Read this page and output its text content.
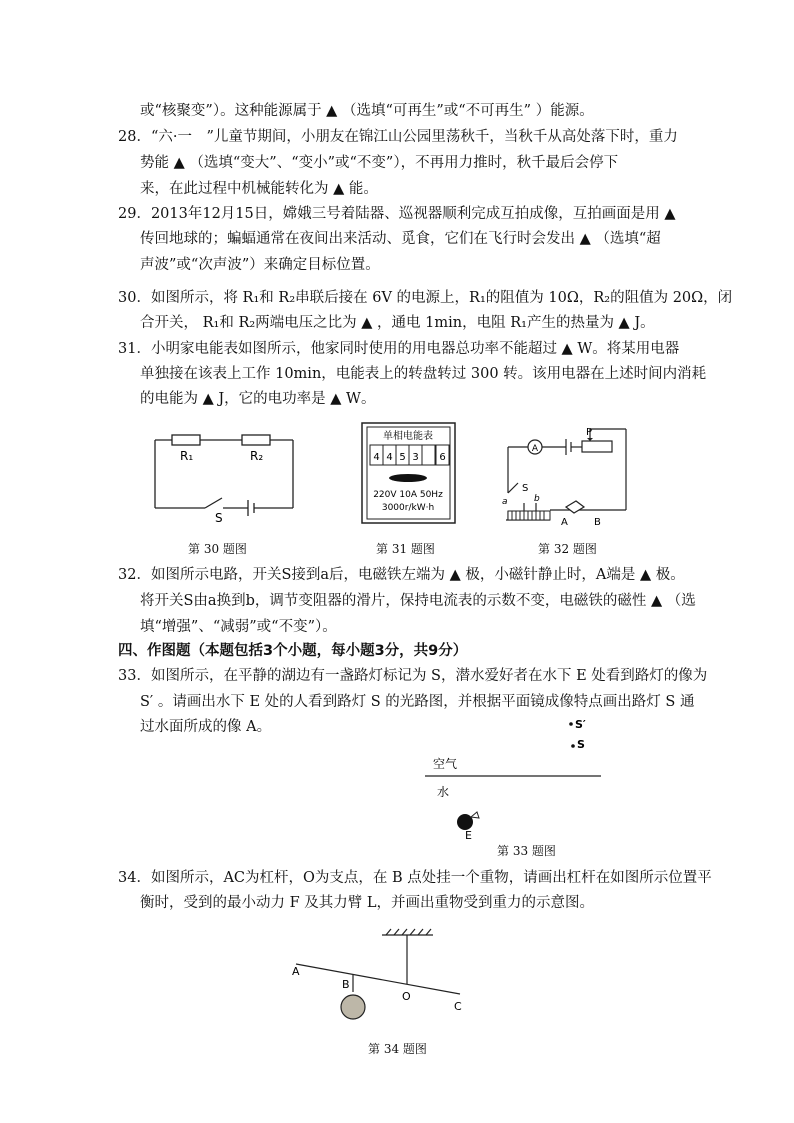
或“核聚变”）。这种能源属于 ▲ （选填“可再生”或“不可再生” ）能源。
28．“六·一　”儿童节期间，小朋友在锦江山公园里荡秋千，当秋千从高处落下时，重力
势能 ▲ （选填“变大”、“变小”或“不变”），不再用力推时，秋千最后会停下
来，在此过程中机械能转化为 ▲ 能。
29．2013年12月15日，嫦娥三号着陆器、巡视器顺利完成互拍成像，互拍画面是用 ▲
传回地球的；蝙蝠通常在夜间出来活动、觅食，它们在飞行时会发出 ▲ （选填“超
声波”或“次声波”）来确定目标位置。
30．如图所示，将 R₁和 R₂串联后接在 6V 的电源上，R₁的阻值为 10Ω，R₂的阻值为 20Ω，闭
合开关， R₁和 R₂两端电压之比为 ▲ ，通电 1min，电阻 R₁产生的热量为 ▲ J。
31．小明家电能表如图所示，他家同时使用的用电器总功率不能超过 ▲ W。将某用电器
单独接在该表上工作 10min，电能表上的转盘转过 300 转。该用电器在上述时间内消耗
的电能为 ▲ J，它的电功率是 ▲ W。
R₁	R₂
S
第 30 题图
单相电能表
4 4 5 3 6
220V 10A 50Hz
3000r/kW·h
第 31 题图
A
P
S
a	b
A	B
第 32 题图
32．如图所示电路，开关S接到a后，电磁铁左端为 ▲ 极，小磁针静止时，A端是 ▲ 极。
将开关S由a换到b，调节变阻器的滑片，保持电流表的示数不变，电磁铁的磁性 ▲ （选
填“增强”、“减弱”或“不变”）。
四、作图题（本题包括3个小题，每小题3分，共9分）
33．如图所示，在平静的湖边有一盏路灯标记为 S，潜水爱好者在水下 E 处看到路灯的像为
S′ 。请画出水下 E 处的人看到路灯 S 的光路图，并根据平面镜成像特点画出路灯 S 通
过水面所成的像 A。	S′
S
空气
水
E
第 33 题图
34．如图所示，AC为杠杆，O为支点，在 B 点处挂一个重物，请画出杠杆在如图所示位置平
衡时，受到的最小动力 F 及其力臂 L，并画出重物受到重力的示意图。
A
B
O
C
第 34 题图
